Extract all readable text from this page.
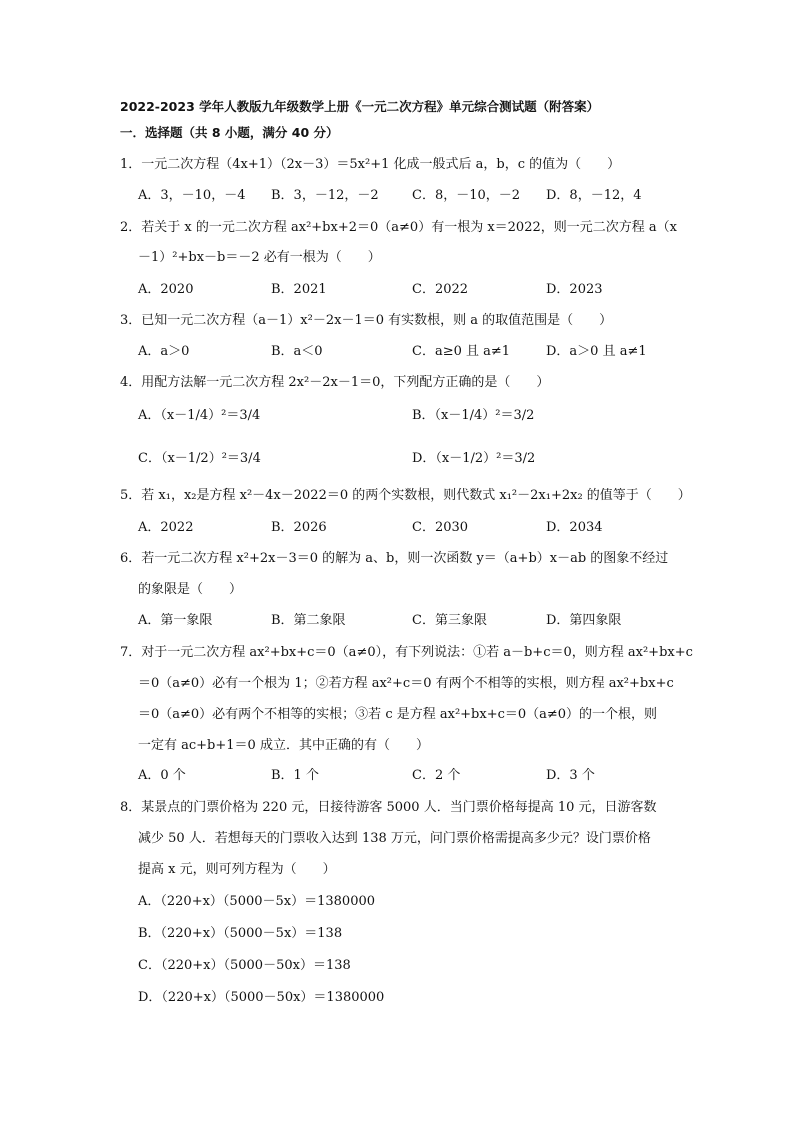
2022-2023 学年人教版九年级数学上册《一元二次方程》单元综合测试题（附答案）
一．选择题（共 8 小题，满分 40 分）
1．一元二次方程（4x+1）（2x－3）＝5x²+1 化成一般式后 a，b，c 的值为（　　）
A．3，－10，－4 B．3，－12，－2	C．8，－10，－2 D．8，－12，4
2．若关于 x 的一元二次方程 ax²+bx+2＝0（a≠0）有一根为 x＝2022，则一元二次方程 a（x
－1）²+bx－b＝－2 必有一根为（　　）
A．2020	B．2021	C．2022	D．2023
3．已知一元二次方程（a－1）x²－2x－1＝0 有实数根，则 a 的取值范围是（　　）
A．a＞0	B．a＜0	C．a≥0 且 a≠1	D．a＞0 且 a≠1
4．用配方法解一元二次方程 2x²－2x－1＝0，下列配方正确的是（　　）
A．（x－1/4）²＝3/4	B．（x－1/4）²＝3/2
C．（x－1/2）²＝3/4	D．（x－1/2）²＝3/2
5．若 x₁，x₂是方程 x²－4x－2022＝0 的两个实数根，则代数式 x₁²－2x₁+2x₂ 的值等于（　　）
A．2022	B．2026	C．2030	D．2034
6．若一元二次方程 x²+2x－3＝0 的解为 a、b，则一次函数 y＝（a+b）x－ab 的图象不经过
的象限是（　　）
A．第一象限	B．第二象限	C．第三象限	D．第四象限
7．对于一元二次方程 ax²+bx+c＝0（a≠0），有下列说法：①若 a－b+c＝0，则方程 ax²+bx+c
＝0（a≠0）必有一个根为 1；②若方程 ax²+c＝0 有两个不相等的实根，则方程 ax²+bx+c
＝0（a≠0）必有两个不相等的实根；③若 c 是方程 ax²+bx+c＝0（a≠0）的一个根，则
一定有 ac+b+1＝0 成立．其中正确的有（　　）
A．0 个	B．1 个	C．2 个	D．3 个
8．某景点的门票价格为 220 元，日接待游客 5000 人．当门票价格每提高 10 元，日游客数
减少 50 人．若想每天的门票收入达到 138 万元，问门票价格需提高多少元？设门票价格
提高 x 元，则可列方程为（　　）
A．（220+x）（5000－5x）＝1380000
B．（220+x）（5000－5x）＝138
C．（220+x）（5000－50x）＝138
D．（220+x）（5000－50x）＝1380000
